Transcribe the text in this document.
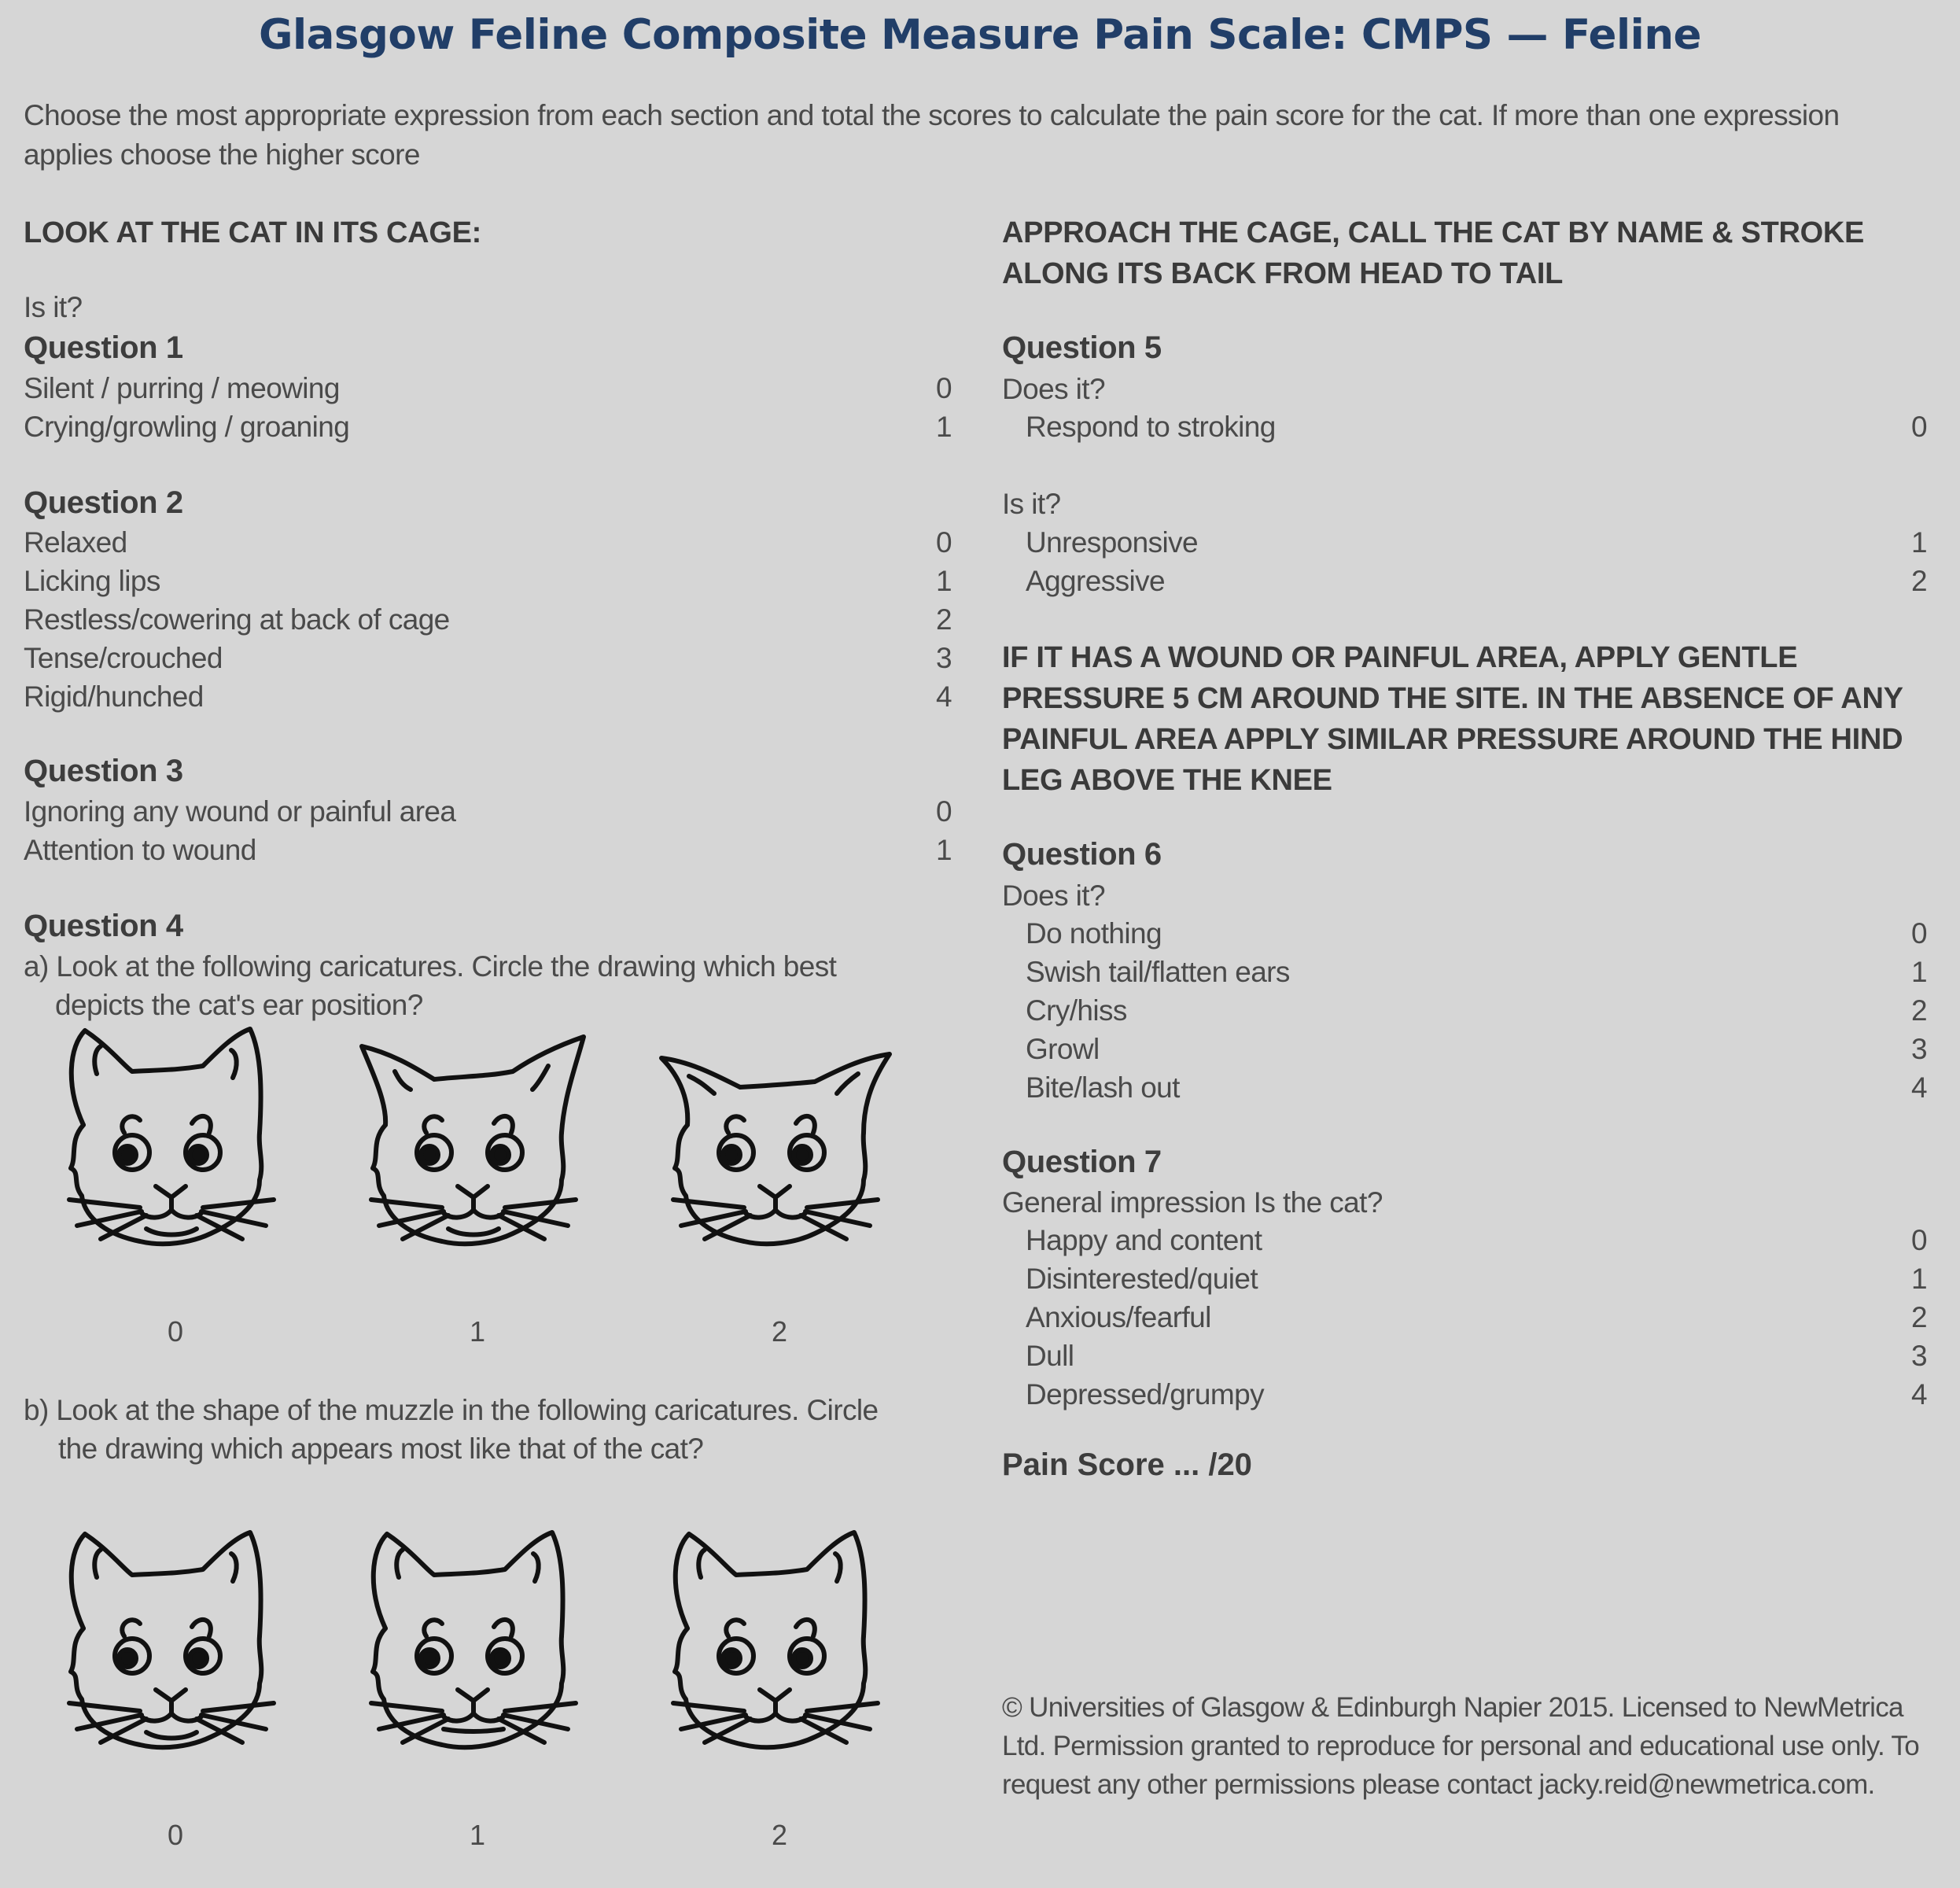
Glasgow Feline Composite Measure Pain Scale: CMPS — Feline
Choose the most appropriate expression from each section and total the scores to calculate the pain score for the cat. If more than one expression applies choose the higher score
LOOK AT THE CAT IN ITS CAGE:
Is it?
Question 1
Silent / purring / meowing	0
Crying/growling / groaning	1
Question 2
Relaxed	0
Licking lips	1
Restless/cowering at back of cage	2
Tense/crouched	3
Rigid/hunched	4
Question 3
Ignoring any wound or painful area	0
Attention to wound	1
Question 4
a) Look at the following caricatures. Circle the drawing which best
depicts the cat's ear position?
0	1	2
b) Look at the shape of the muzzle in the following caricatures. Circle
the drawing which appears most like that of the cat?
0	1	2
APPROACH THE CAGE, CALL THE CAT BY NAME & STROKE ALONG ITS BACK FROM HEAD TO TAIL
Question 5
Does it?
Respond to stroking	0
Is it?
Unresponsive	1
Aggressive	2
IF IT HAS A WOUND OR PAINFUL AREA, APPLY GENTLE PRESSURE 5 CM AROUND THE SITE. IN THE ABSENCE OF ANY PAINFUL AREA APPLY SIMILAR PRESSURE AROUND THE HIND LEG ABOVE THE KNEE
Question 6
Does it?
Do nothing	0
Swish tail/flatten ears	1
Cry/hiss	2
Growl	3
Bite/lash out	4
Question 7
General impression Is the cat?
Happy and content	0
Disinterested/quiet	1
Anxious/fearful	2
Dull	3
Depressed/grumpy	4
Pain Score ... /20
© Universities of Glasgow & Edinburgh Napier 2015. Licensed to NewMetrica Ltd. Permission granted to reproduce for personal and educational use only. To request any other permissions please contact jacky.reid@newmetrica.com.
